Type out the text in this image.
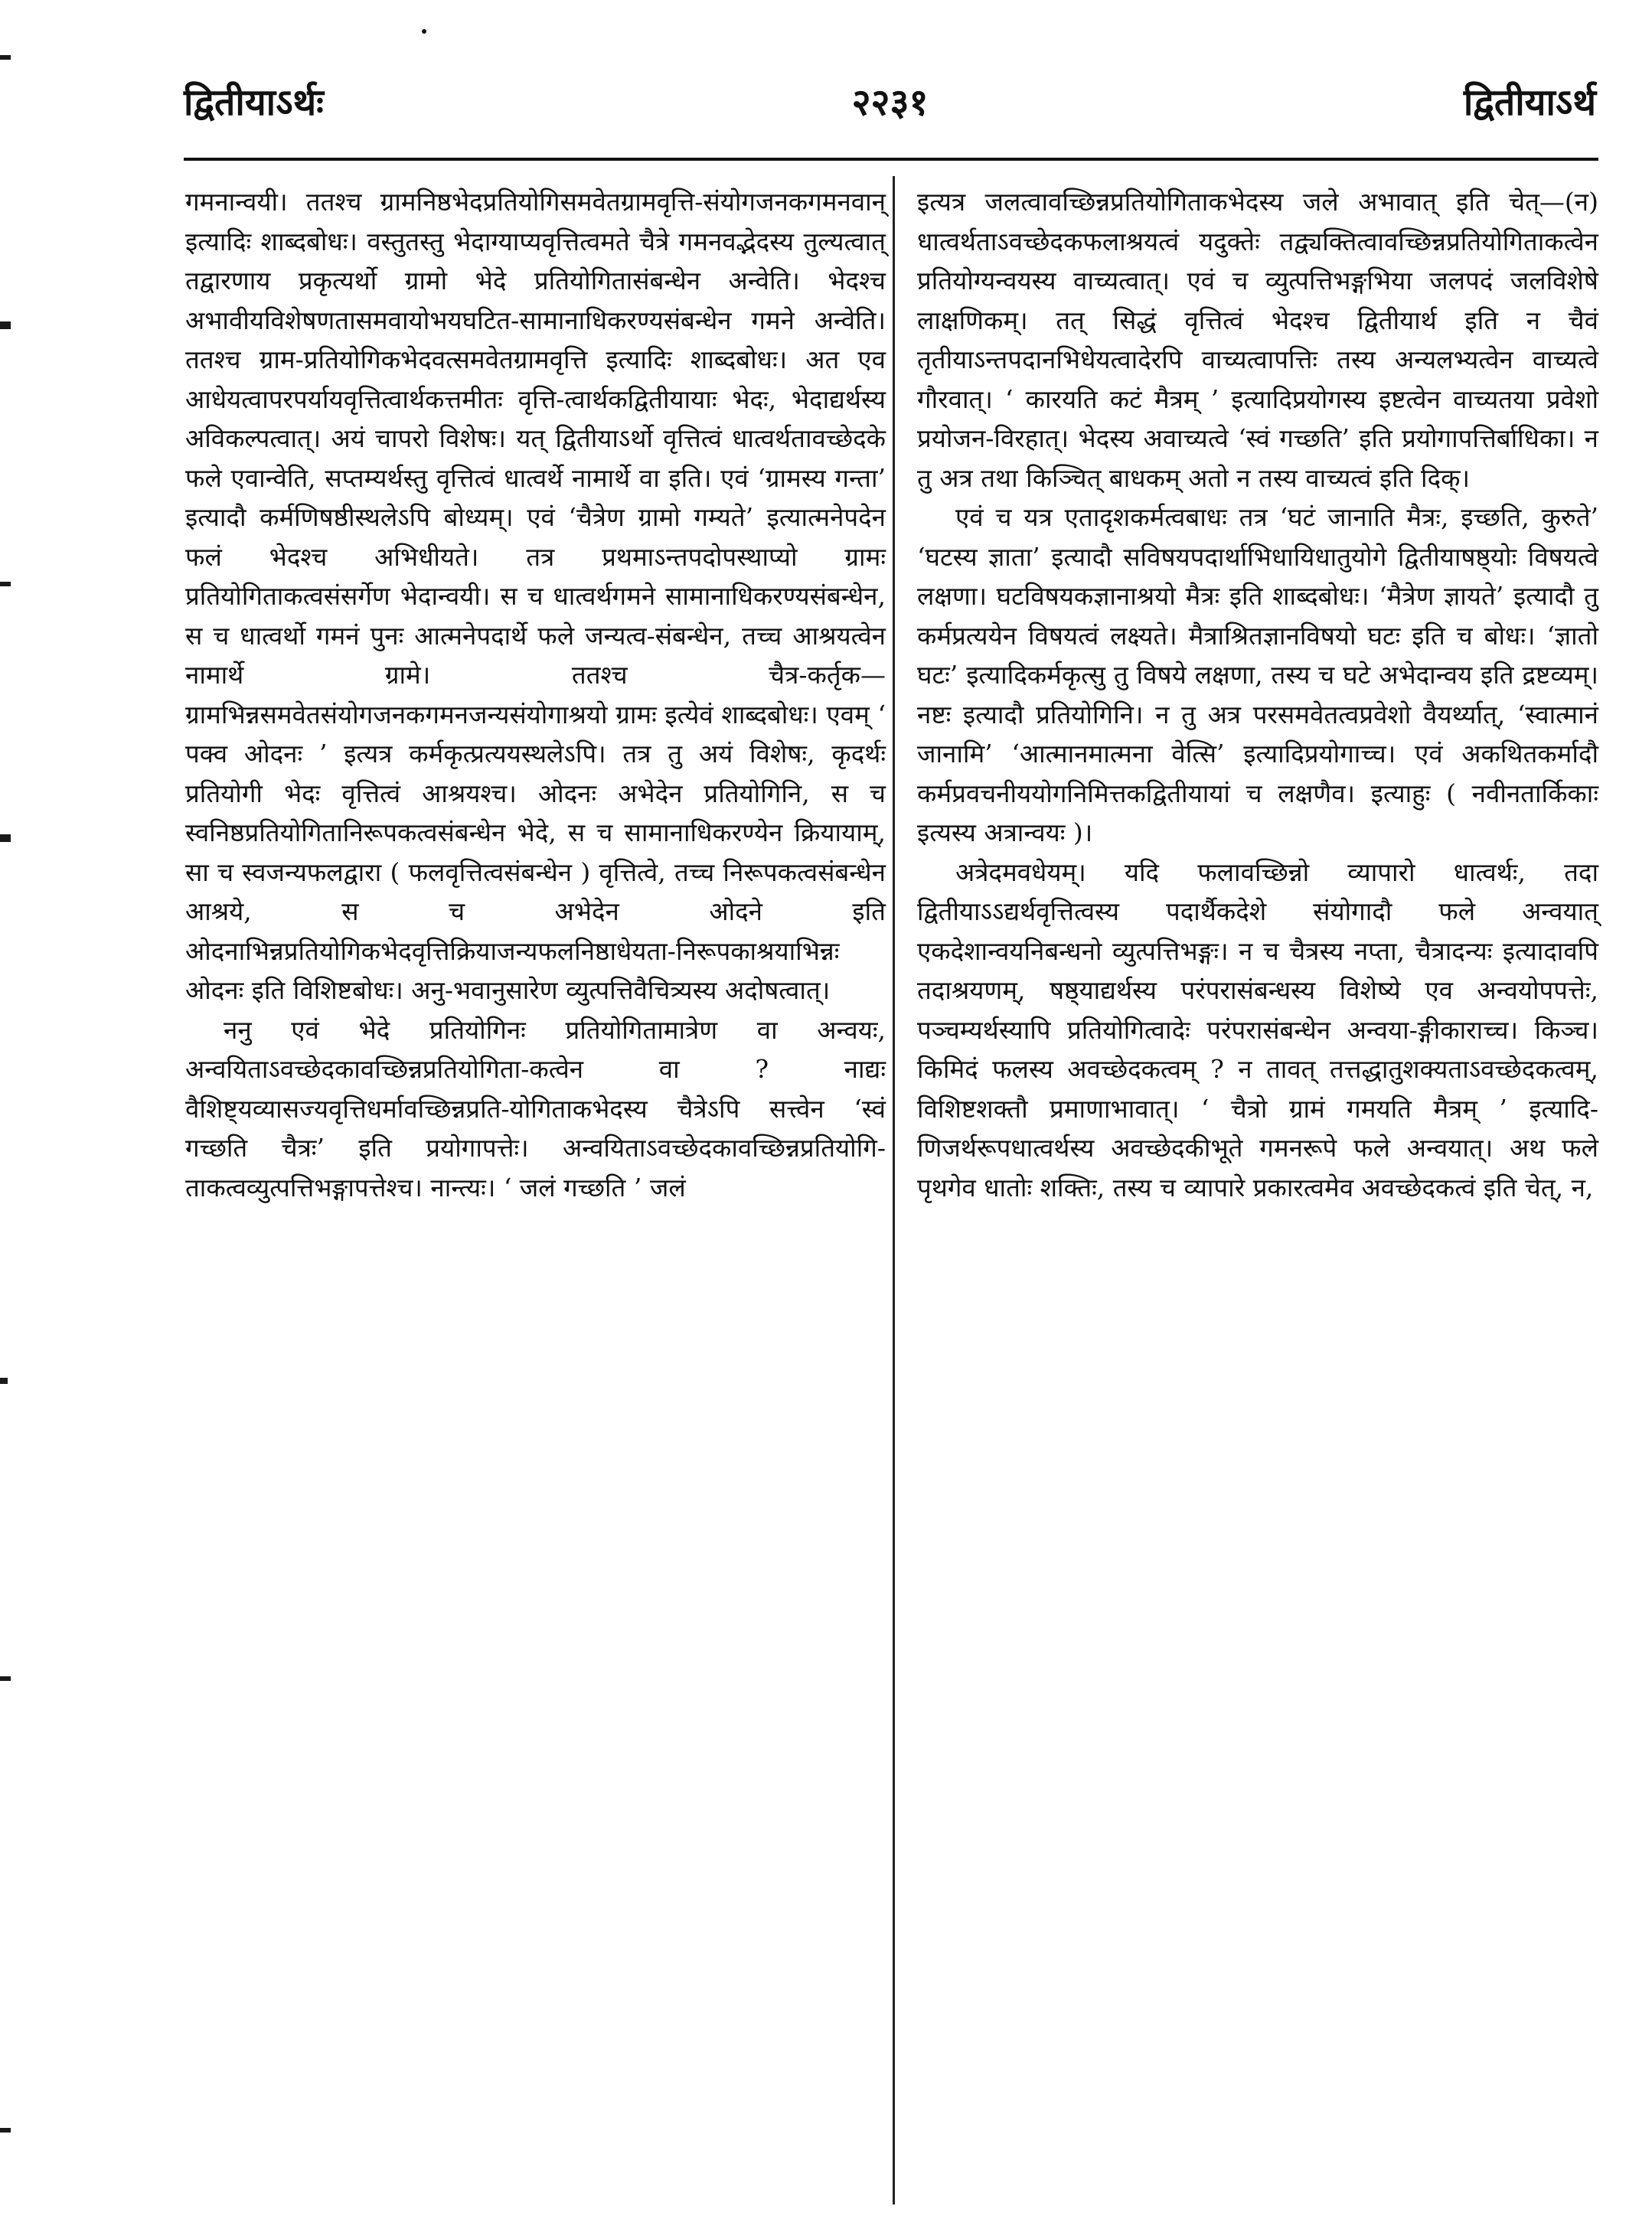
द्वितीयाऽर्थः	२२३१	द्वितीयाऽर्थ

गमनान्वयी। ततश्च ग्रामनिष्ठभेदप्रतियोगिसमवेतग्रामवृत्ति-संयोगजनकगमनवान् इत्यादिः शाब्दबोधः। वस्तुतस्तु भेदाग्याप्यवृत्तित्वमते चैत्रे गमनवद्भेदस्य तुल्यत्वात् तद्वारणाय प्रकृत्यर्थो ग्रामो भेदे प्रतियोगितासंबन्धेन अन्वेति। भेदश्च अभावीयविशेषणतासमवायोभयघटित-सामानाधिकरण्यसंबन्धेन गमने अन्वेति। ततश्च ग्राम-प्रतियोगिकभेदवत्समवेतग्रामवृत्ति इत्यादिः शाब्दबोधः। अत एव आधेयत्वापरपर्यायवृत्तित्वार्थकत्तमीतः वृत्ति-त्वार्थकद्वितीयायाः भेदः, भेदाद्यर्थस्य अविकल्पत्वात्। अयं चापरो विशेषः। यत् द्वितीयाऽर्थो वृत्तित्वं धात्वर्थतावच्छेदके फले एवान्वेति, सप्तम्यर्थस्तु वृत्तित्वं धात्वर्थे नामार्थे वा इति। एवं ‘ग्रामस्य गन्ता’ इत्यादौ कर्मणिषष्ठीस्थलेऽपि बोध्यम्। एवं ‘चैत्रेण ग्रामो गम्यते’ इत्यात्मनेपदेन फलं भेदश्च अभिधीयते। तत्र प्रथमाऽन्तपदोपस्थाप्यो ग्रामः प्रतियोगिताकत्वसंसर्गेण भेदान्वयी। स च धात्वर्थगमने सामानाधिकरण्यसंबन्धेन, स च धात्वर्थो गमनं पुनः आत्मनेपदार्थे फले जन्यत्व-संबन्धेन, तच्च आश्रयत्वेन नामार्थे ग्रामे। ततश्च चैत्र-कर्तृक—ग्रामभिन्नसमवेतसंयोगजनकगमनजन्यसंयोगाश्रयो ग्रामः इत्येवं शाब्दबोधः। एवम् ‘ पक्व ओदनः ’ इत्यत्र कर्मकृत्प्रत्ययस्थलेऽपि। तत्र तु अयं विशेषः, कृदर्थः प्रतियोगी भेदः वृत्तित्वं आश्रयश्च। ओदनः अभेदेन प्रतियोगिनि, स च स्वनिष्ठप्रतियोगितानिरूपकत्वसंबन्धेन भेदे, स च सामानाधिकरण्येन क्रियायाम्, सा च स्वजन्यफलद्वारा ( फलवृत्तित्वसंबन्धेन ) वृत्तित्वे, तच्च निरूपकत्वसंबन्धेन आश्रये, स च अभेदेन ओदने इति ओदनाभिन्नप्रतियोगिकभेदवृत्तिक्रियाजन्यफलनिष्ठाधेयता-निरूपकाश्रयाभिन्नः ओदनः इति विशिष्टबोधः। अनु-भवानुसारेण व्युत्पत्तिवैचित्र्यस्य अदोषत्वात्।

ननु एवं भेदे प्रतियोगिनः प्रतियोगितामात्रेण वा अन्वयः, अन्वयिताऽवच्छेदकावच्छिन्नप्रतियोगिता-कत्वेन वा ? नाद्यः वैशिष्ट्यव्यासज्यवृत्तिधर्मावच्छिन्नप्रति-योगिताकभेदस्य चैत्रेऽपि सत्त्वेन ‘स्वं गच्छति चैत्रः’ इति प्रयोगापत्तेः। अन्वयिताऽवच्छेदकावच्छिन्नप्रतियोगि-ताकत्वव्युत्पत्तिभङ्गापत्तेश्च। नान्त्यः। ‘ जलं गच्छति ’ जलं

इत्यत्र जलत्वावच्छिन्नप्रतियोगिताकभेदस्य जले अभावात् इति चेत्—(न) धात्वर्थताऽवच्छेदकफलाश्रयत्वं यदुक्तेः तद्व्यक्तित्वावच्छिन्नप्रतियोगिताकत्वेन प्रतियोग्यन्वयस्य वाच्यत्वात्। एवं च व्युत्पत्तिभङ्गभिया जलपदं जलविशेषे लाक्षणिकम्। तत् सिद्धं वृत्तित्वं भेदश्च द्वितीयार्थ इति न चैवं तृतीयाऽन्तपदानभिधेयत्वादेरपि वाच्यत्वापत्तिः तस्य अन्यलभ्यत्वेन वाच्यत्वे गौरवात्। ‘ कारयति कटं मैत्रम् ’ इत्यादिप्रयोगस्य इष्टत्वेन वाच्यतया प्रवेशो प्रयोजन-विरहात्। भेदस्य अवाच्यत्वे ‘स्वं गच्छति’ इति प्रयोगापत्तिर्बाधिका। न तु अत्र तथा किञ्चित् बाधकम् अतो न तस्य वाच्यत्वं इति दिक्।

एवं च यत्र एतादृशकर्मत्वबाधः तत्र ‘घटं जानाति मैत्रः, इच्छति, कुरुते’ ‘घटस्य ज्ञाता’ इत्यादौ सविषयपदार्थाभिधायिधातुयोगे द्वितीयाषष्ठ्योः विषयत्वे लक्षणा। घटविषयकज्ञानाश्रयो मैत्रः इति शाब्दबोधः। ‘मैत्रेण ज्ञायते’ इत्यादौ तु कर्मप्रत्ययेन विषयत्वं लक्ष्यते। मैत्राश्रितज्ञानविषयो घटः इति च बोधः। ‘ज्ञातो घटः’ इत्यादिकर्मकृत्सु तु विषये लक्षणा, तस्य च घटे अभेदान्वय इति द्रष्टव्यम्। नष्टः इत्यादौ प्रतियोगिनि। न तु अत्र परसमवेतत्वप्रवेशो वैयर्थ्यात्, ‘स्वात्मानं जानामि’ ‘आत्मानमात्मना वेत्सि’ इत्यादिप्रयोगाच्च। एवं अकथितकर्मादौ कर्मप्रवचनीययोगनिमित्तकद्वितीयायां च लक्षणैव। इत्याहुः ( नवीनतार्किकाः इत्यस्य अत्रान्वयः )।

अत्रेदमवधेयम्। यदि फलावच्छिन्नो व्यापारो धात्वर्थः, तदा द्वितीयाऽऽद्यर्थवृत्तित्वस्य पदार्थैकदेशे संयोगादौ फले अन्वयात् एकदेशान्वयनिबन्धनो व्युत्पत्तिभङ्गः। न च चैत्रस्य नप्ता, चैत्रादन्यः इत्यादावपि तदाश्रयणम्, षष्ठ्याद्यर्थस्य परंपरासंबन्धस्य विशेष्ये एव अन्वयोपपत्तेः, पञ्चम्यर्थस्यापि प्रतियोगित्वादेः परंपरासंबन्धेन अन्वया-ङ्गीकाराच्च। किञ्च। किमिदं फलस्य अवच्छेदकत्वम् ? न तावत् तत्तद्धातुशक्यताऽवच्छेदकत्वम्, विशिष्टशक्तौ प्रमाणाभावात्। ‘ चैत्रो ग्रामं गमयति मैत्रम् ’ इत्यादि-णिजर्थरूपधात्वर्थस्य अवच्छेदकीभूते गमनरूपे फले अन्वयात्। अथ फले पृथगेव धातोः शक्तिः, तस्य च व्यापारे प्रकारत्वमेव अवच्छेदकत्वं इति चेत्, न,
